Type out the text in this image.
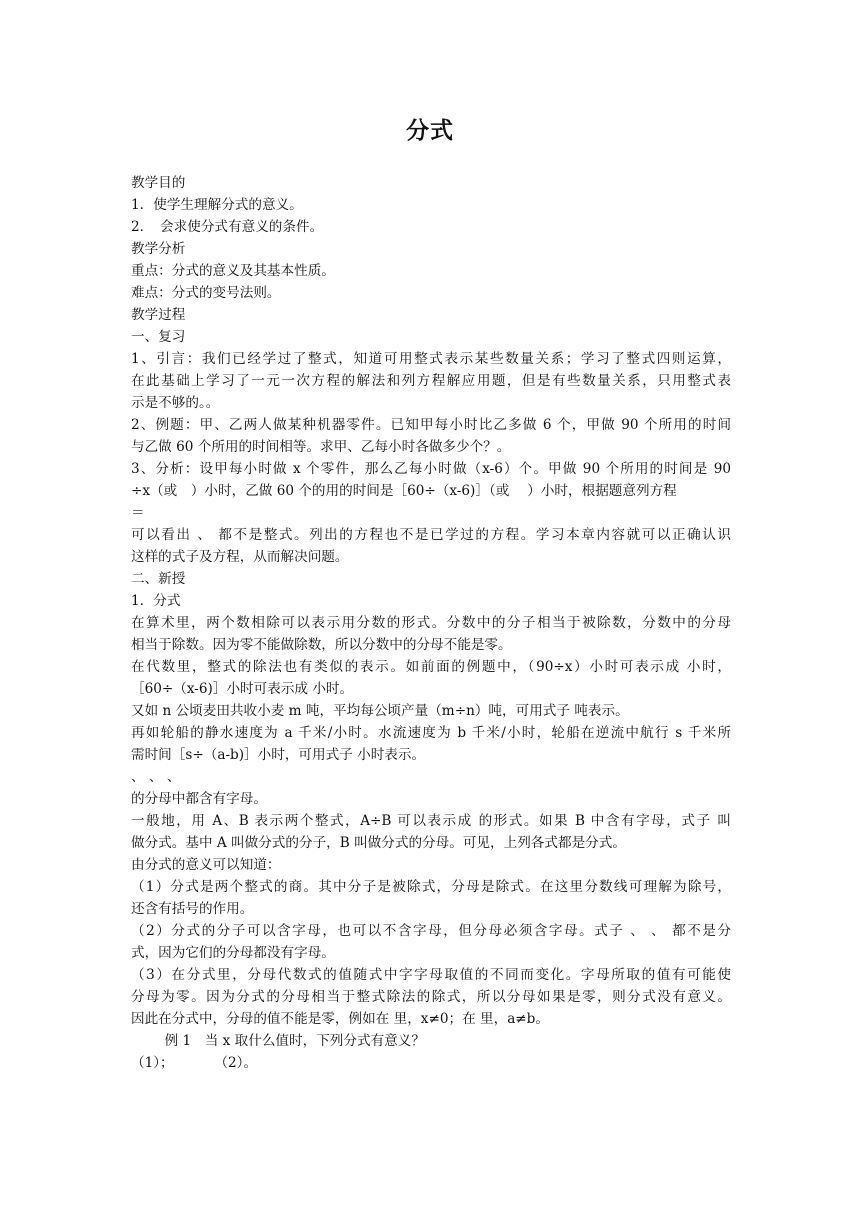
分式
教学目的
1．使学生理解分式的意义。
2．　会求使分式有意义的条件。
教学分析
重点：分式的意义及其基本性质。
难点：分式的变号法则。
教学过程
一、复习
1、引言：我们已经学过了整式，知道可用整式表示某些数量关系；学习了整式四则运算，
在此基础上学习了一元一次方程的解法和列方程解应用题，但是有些数量关系，只用整式表
示是不够的。。
2、例题：甲、乙两人做某种机器零件。已知甲每小时比乙多做 6 个，甲做 90 个所用的时间
与乙做 60 个所用的时间相等。求甲、乙每小时各做多少个？。
3、分析：设甲每小时做 x 个零件，那么乙每小时做（x-6）个。甲做 90 个所用的时间是 90
÷x（或　）小时，乙做 60 个的用的时间是［60÷（x-6)］（或　 ）小时，根据题意列方程
＝
可以看出 、 都不是整式。列出的方程也不是已学过的方程。学习本章内容就可以正确认识
这样的式子及方程，从而解决问题。
二、新授
1．分式
在算术里，两个数相除可以表示用分数的形式。分数中的分子相当于被除数，分数中的分母
相当于除数。因为零不能做除数，所以分数中的分母不能是零。
在代数里，整式的除法也有类似的表示。如前面的例题中，（90÷x）小时可表示成 小时，
［60÷（x-6)］小时可表示成 小时。
又如 n 公顷麦田共收小麦 m 吨，平均每公顷产量（m÷n）吨，可用式子 吨表示。
再如轮船的静水速度为 a 千米/小时。水流速度为 b 千米/小时，轮船在逆流中航行 s 千米所
需时间［s÷（a-b)］小时，可用式子 小时表示。
、 、 、
的分母中都含有字母。
一般地，用 A、B 表示两个整式，A÷B 可以表示成 的形式。如果 B 中含有字母，式子 叫
做分式。基中 A 叫做分式的分子，B 叫做分式的分母。可见，上列各式都是分式。
由分式的意义可以知道：
（1）分式是两个整式的商。其中分子是被除式，分母是除式。在这里分数线可理解为除号，
还含有括号的作用。
（2）分式的分子可以含字母，也可以不含字母，但分母必须含字母。式子 、 、 都不是分
式，因为它们的分母都没有字母。
（3）在分式里，分母代数式的值随式中字字母取值的不同而变化。字母所取的值有可能使
分母为零。因为分式的分母相当于整式除法的除式，所以分母如果是零，则分式没有意义。
因此在分式中，分母的值不能是零，例如在 里，x≠0；在 里，a≠b。
　例 1　当 x 取什么值时，下列分式有意义？
（1）；　　　　（2）。
